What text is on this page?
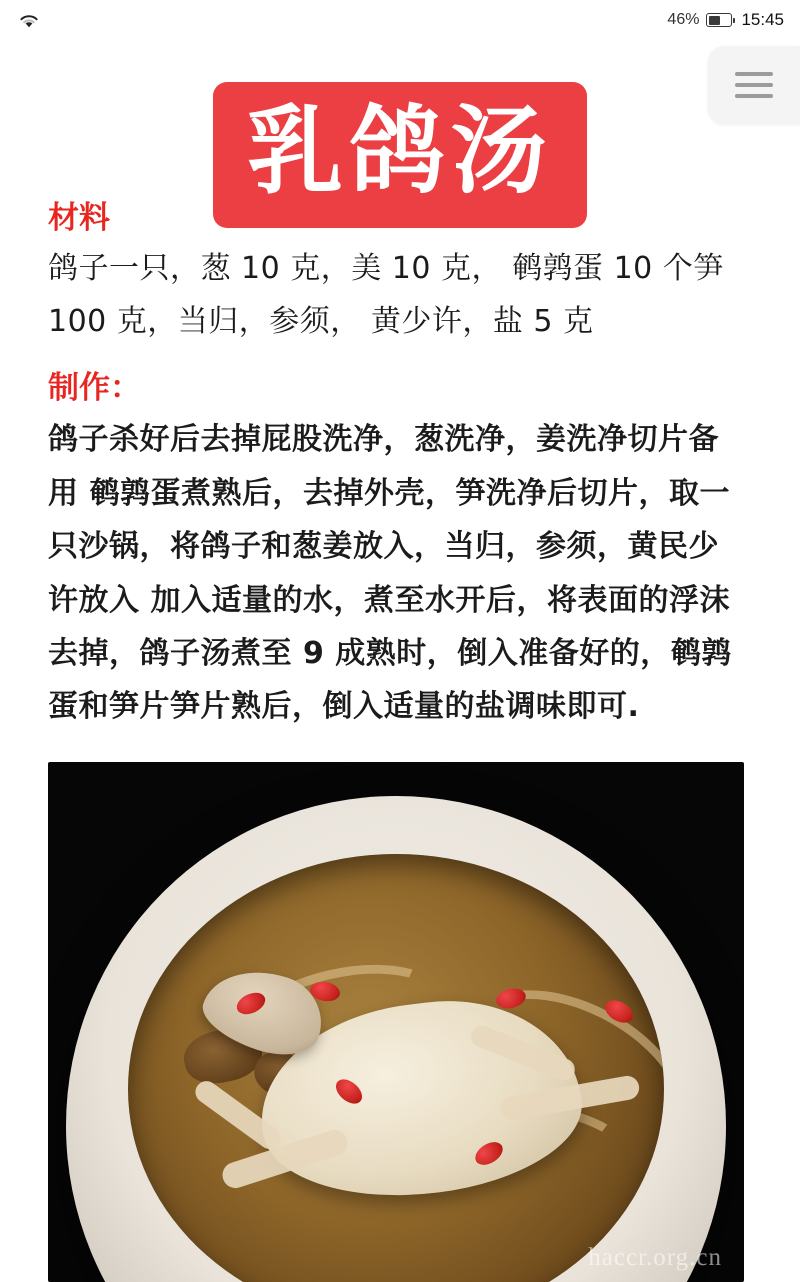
46% 15:45
乳鸽汤
材料

鸽子一只，葱 10 克，美 10 克， 鹌鹑蛋 10 个笋 100 克，当归，参须， 黄少许，盐 5 克

制作：

鸽子杀好后去掉屁股洗净，葱洗净，姜洗净切片备用 鹌鹑蛋煮熟后，去掉外壳，笋洗净后切片，取一只沙锅，将鸽子和葱姜放入，当归，参须，黄民少许放入 加入适量的水，煮至水开后，将表面的浮沫去掉，鸽子汤煮至 9 成熟时，倒入准备好的，鹌鹑蛋和笋片笋片熟后，倒入适量的盐调味即可.

haccr.org.cn
